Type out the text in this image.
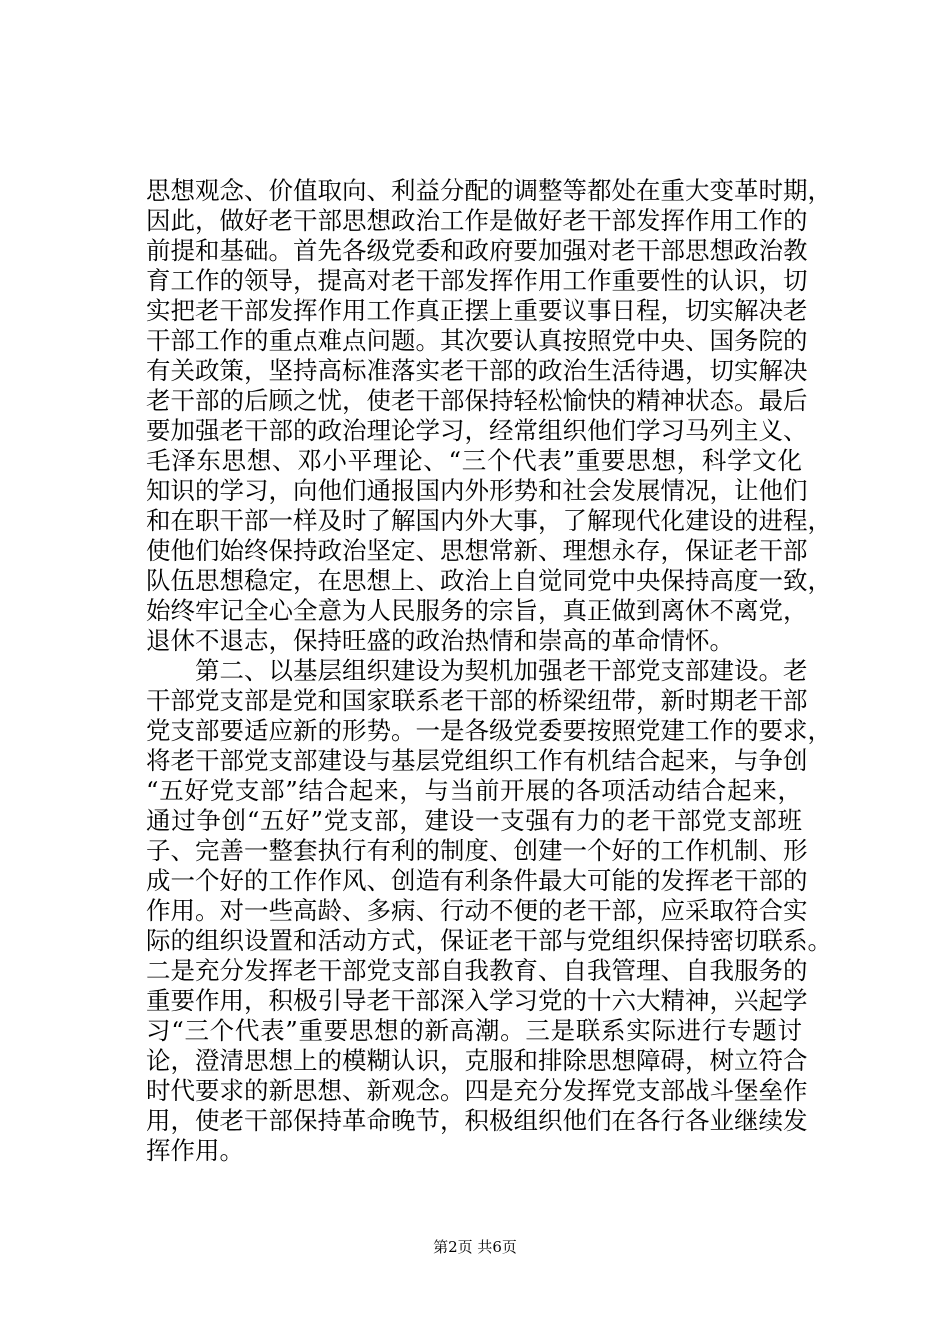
思想观念、价值取向、利益分配的调整等都处在重大变革时期，
因此，做好老干部思想政治工作是做好老干部发挥作用工作的
前提和基础。首先各级党委和政府要加强对老干部思想政治教
育工作的领导，提高对老干部发挥作用工作重要性的认识，切
实把老干部发挥作用工作真正摆上重要议事日程，切实解决老
干部工作的重点难点问题。其次要认真按照党中央、国务院的
有关政策，坚持高标准落实老干部的政治生活待遇，切实解决
老干部的后顾之忧，使老干部保持轻松愉快的精神状态。最后
要加强老干部的政治理论学习，经常组织他们学习马列主义、
毛泽东思想、邓小平理论、“三个代表”重要思想，科学文化
知识的学习，向他们通报国内外形势和社会发展情况，让他们
和在职干部一样及时了解国内外大事，了解现代化建设的进程，
使他们始终保持政治坚定、思想常新、理想永存，保证老干部
队伍思想稳定，在思想上、政治上自觉同党中央保持高度一致，
始终牢记全心全意为人民服务的宗旨，真正做到离休不离党，
退休不退志，保持旺盛的政治热情和崇高的革命情怀。
第二、以基层组织建设为契机加强老干部党支部建设。老
干部党支部是党和国家联系老干部的桥梁纽带，新时期老干部
党支部要适应新的形势。一是各级党委要按照党建工作的要求，
将老干部党支部建设与基层党组织工作有机结合起来，与争创
“五好党支部”结合起来，与当前开展的各项活动结合起来，
通过争创“五好”党支部，建设一支强有力的老干部党支部班
子、完善一整套执行有利的制度、创建一个好的工作机制、形
成一个好的工作作风、创造有利条件最大可能的发挥老干部的
作用。对一些高龄、多病、行动不便的老干部，应采取符合实
际的组织设置和活动方式，保证老干部与党组织保持密切联系。
二是充分发挥老干部党支部自我教育、自我管理、自我服务的
重要作用，积极引导老干部深入学习党的十六大精神，兴起学
习“三个代表”重要思想的新高潮。三是联系实际进行专题讨
论，澄清思想上的模糊认识，克服和排除思想障碍，树立符合
时代要求的新思想、新观念。四是充分发挥党支部战斗堡垒作
用，使老干部保持革命晚节，积极组织他们在各行各业继续发
挥作用。
第2页 共6页
